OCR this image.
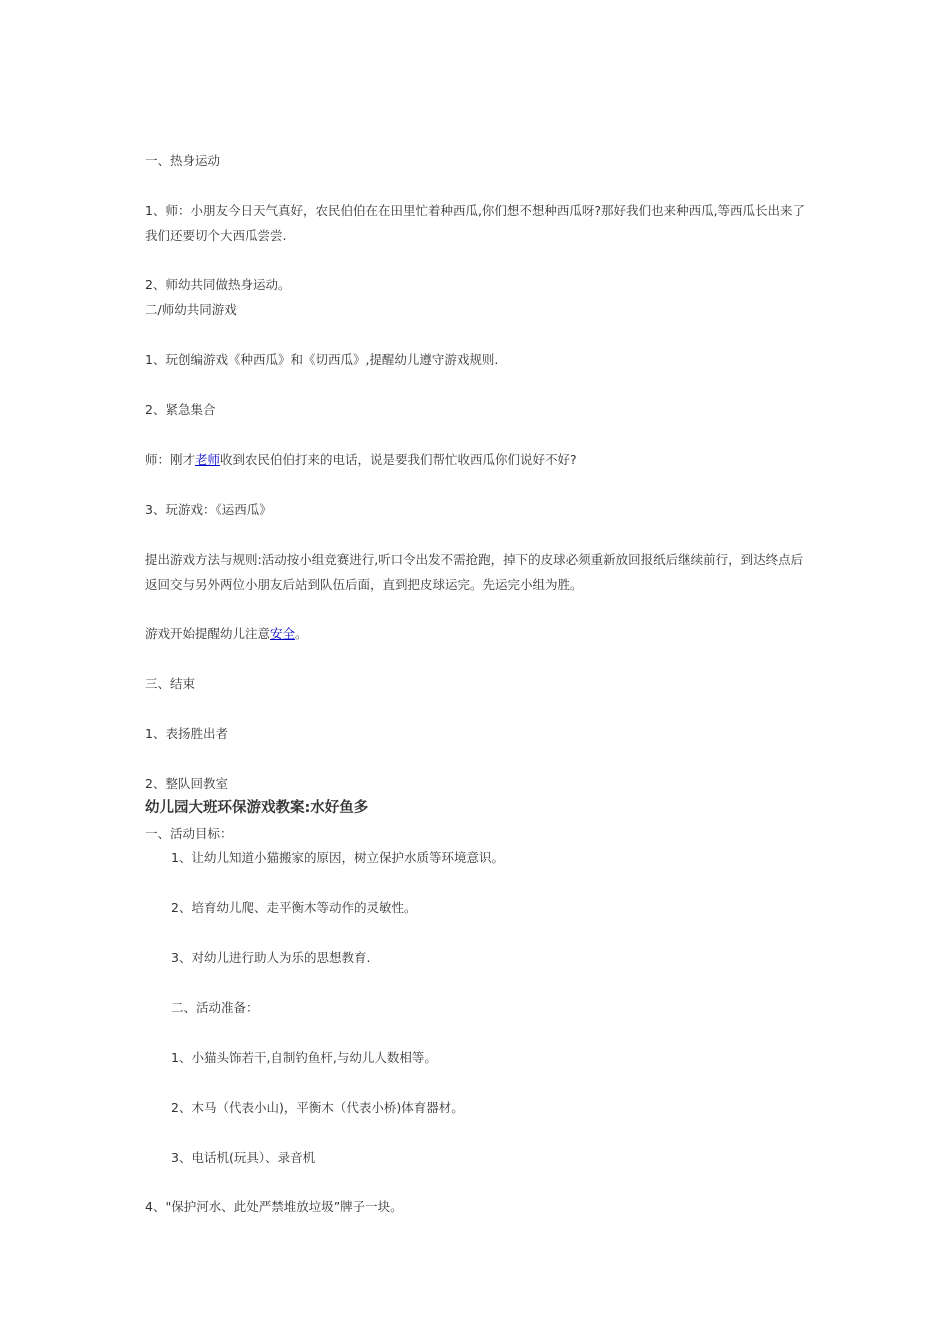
一、热身运动
1、师：小朋友今日天气真好，农民伯伯在在田里忙着种西瓜,你们想不想种西瓜呀?那好我们也来种西瓜,等西瓜长出来了我们还要切个大西瓜尝尝.
2、师幼共同做热身运动。
二/师幼共同游戏
1、玩创编游戏《种西瓜》和《切西瓜》,提醒幼儿遵守游戏规则.
2、紧急集合
师：刚才老师收到农民伯伯打来的电话，说是要我们帮忙收西瓜你们说好不好?
3、玩游戏：《运西瓜》
提出游戏方法与规则:活动按小组竞赛进行,听口令出发不需抢跑，掉下的皮球必须重新放回报纸后继续前行，到达终点后返回交与另外两位小朋友后站到队伍后面，直到把皮球运完。先运完小组为胜。
游戏开始提醒幼儿注意安全。
三、结束
1、表扬胜出者
2、整队回教室
幼儿园大班环保游戏教案:水好鱼多
一、活动目标：
1、让幼儿知道小猫搬家的原因，树立保护水质等环境意识。
2、培育幼儿爬、走平衡木等动作的灵敏性。
3、对幼儿进行助人为乐的思想教育.
二、活动准备：
1、小猫头饰若干,自制钓鱼杆,与幼儿人数相等。
2、木马（代表小山)，平衡木（代表小桥)体育器材。
3、电话机(玩具）、录音机
4、"保护河水、此处严禁堆放垃圾”牌子一块。
